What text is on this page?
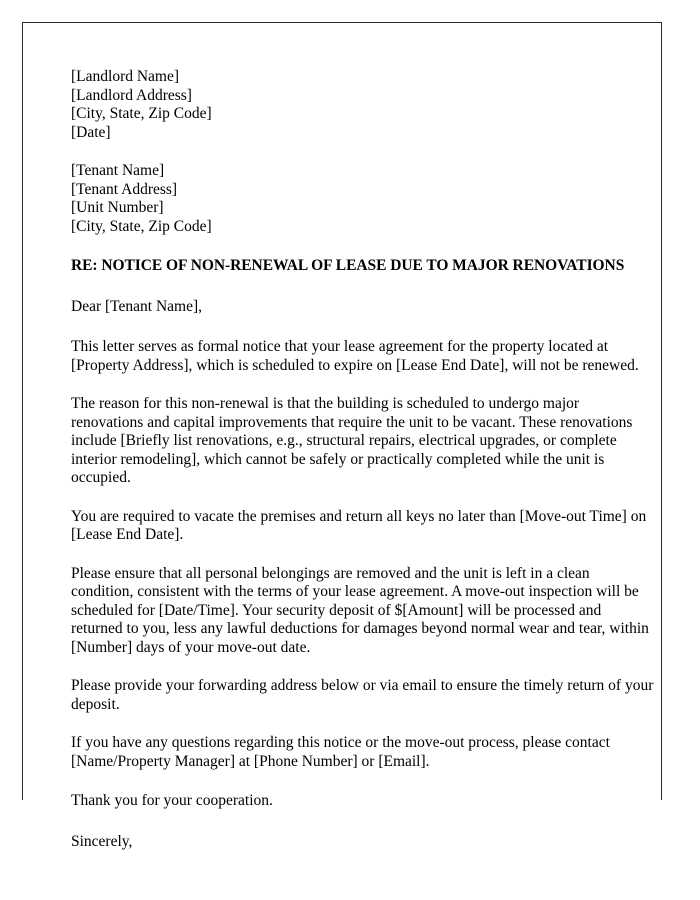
[Landlord Name]
[Landlord Address]
[City, State, Zip Code]
[Date]
[Tenant Name]
[Tenant Address]
[Unit Number]
[City, State, Zip Code]
RE: NOTICE OF NON-RENEWAL OF LEASE DUE TO MAJOR RENOVATIONS
Dear [Tenant Name],

This letter serves as formal notice that your lease agreement for the property located at [Property Address], which is scheduled to expire on [Lease End Date], will not be renewed.

The reason for this non-renewal is that the building is scheduled to undergo major renovations and capital improvements that require the unit to be vacant. These renovations include [Briefly list renovations, e.g., structural repairs, electrical upgrades, or complete interior remodeling], which cannot be safely or practically completed while the unit is occupied.

You are required to vacate the premises and return all keys no later than [Move-out Time] on [Lease End Date].

Please ensure that all personal belongings are removed and the unit is left in a clean condition, consistent with the terms of your lease agreement. A move-out inspection will be scheduled for [Date/Time]. Your security deposit of $[Amount] will be processed and returned to you, less any lawful deductions for damages beyond normal wear and tear, within [Number] days of your move-out date.

Please provide your forwarding address below or via email to ensure the timely return of your deposit.

If you have any questions regarding this notice or the move-out process, please contact [Name/Property Manager] at [Phone Number] or [Email].

Thank you for your cooperation.
Sincerely,
